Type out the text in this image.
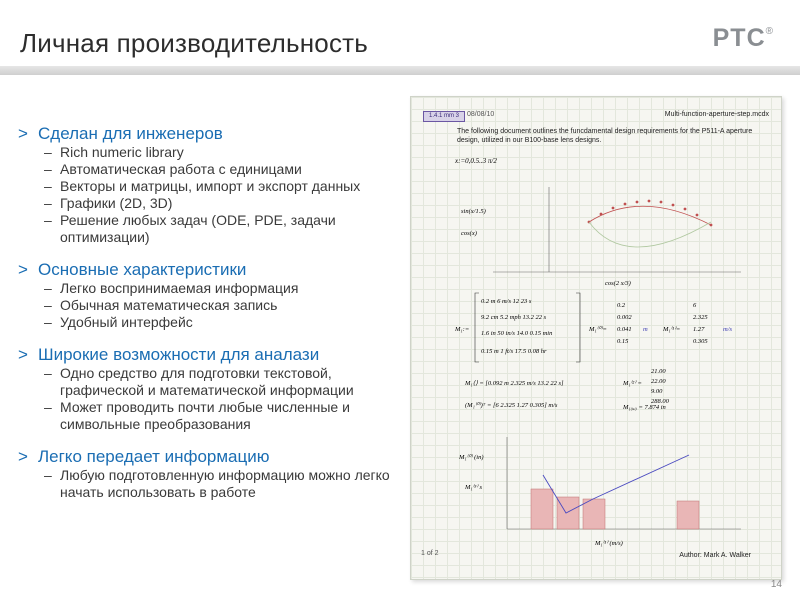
Личная производительность	PTC®
> Сделан для инженеров
– Rich numeric library
– Автоматическая работа с единицами
– Векторы и матрицы, импорт и экспорт данных
– Графики (2D, 3D)
– Решение любых задач (ODE, PDE, задачи оптимизации)
> Основные характеристики
– Легко воспринимаемая информация
– Обычная математическая запись
– Удобный интерфейс
> Широкие возможности для аналази
– Одно средство для подготовки текстовой, графической и математической информации
– Может проводить почти любые численные и символьные преобразования
> Легко передает информацию
– Любую подготовленную информацию можно легко начать использовать в работе
1.4.1 mm 3	08/08/10	Multi-function-aperture-step.mcdx
The following document outlines the funcdamental design requirements for the P511-A aperture design, utilized in our B100-base lens designs.
x:=0,0.5..3 π/2
sin(x/1.5)
cos(x)
cos(2 x/3)
M₁:=
0.2 m 6 m/s 12 23 s
9.2 cm 5.2 mph 13.2 22 s
1.6 in 50 in/s 14.0 0.15 min
0.15 m 1 ft/s 17.5 0.08 hr
M₁⁽⁰⁾=
0.2
0.002
0.041
0.15
m M₁⁽¹⁾=
6
2.325
1.27
0.305
m/s
M₁⟨⟩ = [0.092 m 2.325 m/s 13.2 22 s]
(M₁⁽⁰⁾)ᵀ = [6 2.325 1.27 0.305] m/s
M₁⁽²⁾ =
21.00
22.00
9.00
288.00
M₁₀,₀ = 7.874 in
M₁⁽⁰⁾ (in)
M₁⁽³⁾ s
M₁⁽¹⁾ (m/s)
1 of 2	Author: Mark A. Walker
14
